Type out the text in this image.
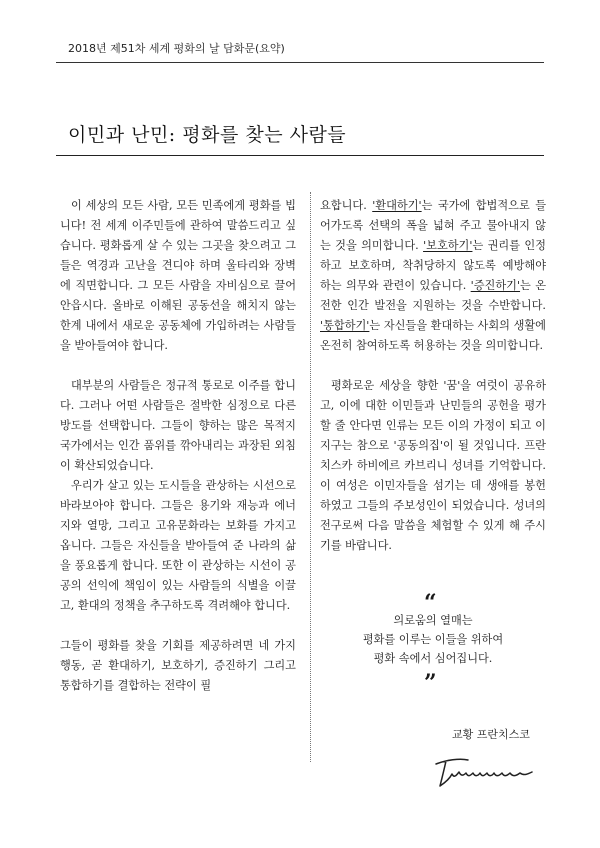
2018년 제51차 세계 평화의 날 담화문(요약)
이민과 난민: 평화를 찾는 사람들

이 세상의 모든 사람, 모든 민족에게 평화를 빕니다! 전 세계 이주민들에 관하여 말씀드리고 싶습니다. 평화롭게 살 수 있는 그곳을 찾으려고 그들은 역경과 고난을 견디야 하며 울타리와 장벽에 직면합니다. 그 모든 사람을 자비심으로 끌어안읍시다. 올바로 이해된 공동선을 해치지 않는 한계 내에서 새로운 공동체에 가입하려는 사람들을 받아들여야 합니다.

대부분의 사람들은 정규적 통로로 이주를 합니다. 그러나 어떤 사람들은 절박한 심정으로 다른 방도를 선택합니다. 그들이 향하는 많은 목적지 국가에서는 인간 품위를 깎아내리는 과장된 외침이 확산되었습니다.

우리가 살고 있는 도시들을 관상하는 시선으로 바라보아야 합니다. 그들은 용기와 재능과 에너지와 열망, 그리고 고유문화라는 보화를 가지고 옵니다. 그들은 자신들을 받아들여 준 나라의 삶을 풍요롭게 합니다. 또한 이 관상하는 시선이 공공의 선익에 책임이 있는 사람들의 식별을 이끌고, 환대의 정책을 추구하도록 격려해야 합니다.

그들이 평화를 찾을 기회를 제공하려면 네 가지 행동, 곧 환대하기, 보호하기, 증진하기 그리고 통합하기를 결합하는 전략이 필

요합니다. '환대하기'는 국가에 합법적으로 들어가도록 선택의 폭을 넓혀 주고 물아내지 않는 것을 의미합니다. '보호하기'는 권리를 인정하고 보호하며, 착취당하지 않도록 예방해야 하는 의무와 관련이 있습니다. '증진하기'는 온전한 인간 발전을 지원하는 것을 수반합니다. '통합하기'는 자신들을 환대하는 사회의 생활에 온전히 참여하도록 허용하는 것을 의미합니다.

평화로운 세상을 향한 '꿈'을 여럿이 공유하고, 이에 대한 이민들과 난민들의 공헌을 평가할 줄 안다면 인류는 모든 이의 가정이 되고 이 지구는 참으로 '공동의집'이 될 것입니다. 프란치스카 하비에르 카브리니 성녀를 기억합니다. 이 여성은 이민자들을 섬기는 데 생애를 봉헌하였고 그들의 주보성인이 되었습니다. 성녀의 전구로써 다음 말씀을 체험할 수 있게 해 주시기를 바랍니다.

“
의로움의 열매는
평화를 이루는 이들을 위하여
평화 속에서 심어집니다.
”
교황 프란치스코
